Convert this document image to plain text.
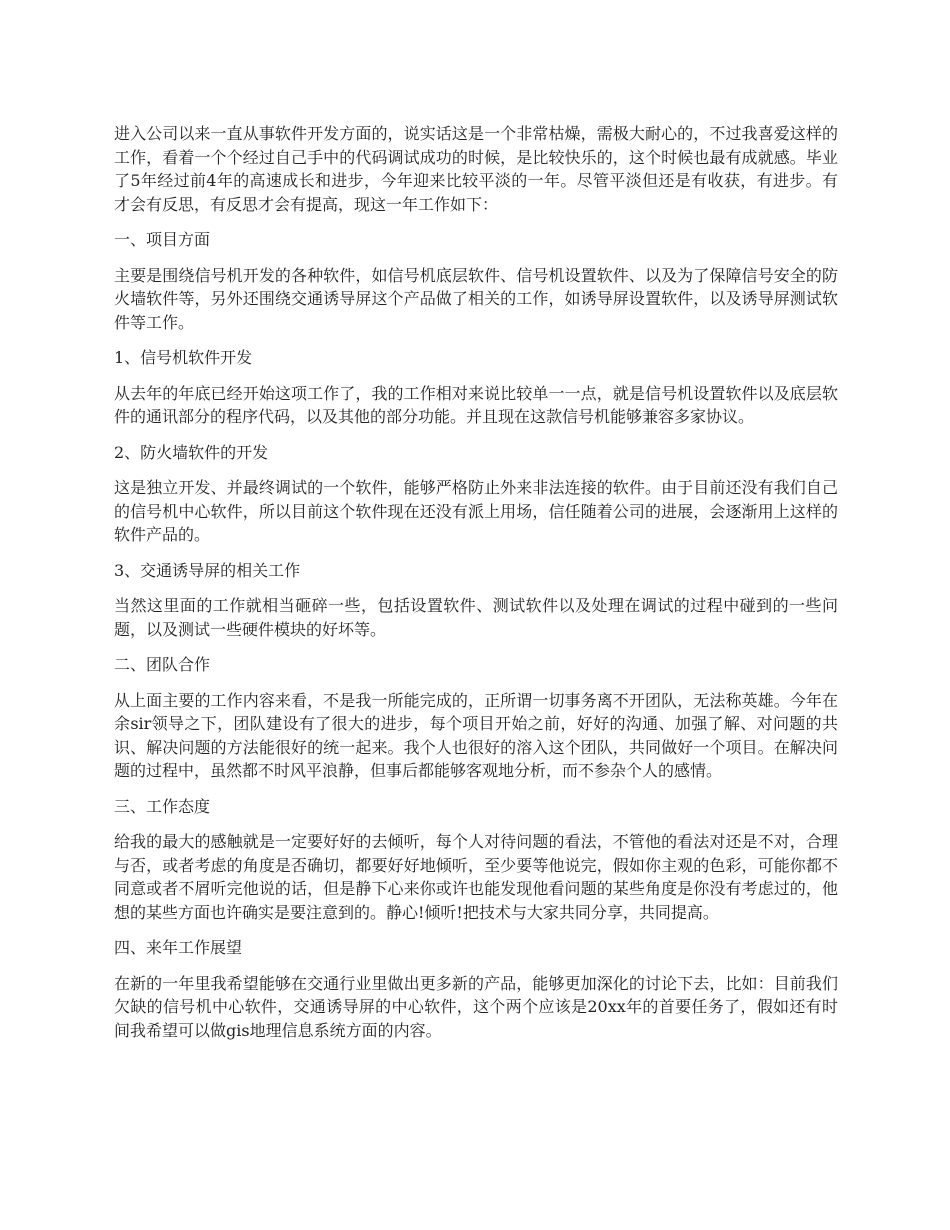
进入公司以来一直从事软件开发方面的，说实话这是一个非常枯燥，需极大耐心的，不过我喜爱这样的工作，看着一个个经过自己手中的代码调试成功的时候，是比较快乐的，这个时候也最有成就感。毕业了5年经过前4年的高速成长和进步，今年迎来比较平淡的一年。尽管平淡但还是有收获，有进步。有才会有反思，有反思才会有提高，现这一年工作如下：

一、项目方面

主要是围绕信号机开发的各种软件，如信号机底层软件、信号机设置软件、以及为了保障信号安全的防火墙软件等，另外还围绕交通诱导屏这个产品做了相关的工作，如诱导屏设置软件，以及诱导屏测试软件等工作。

1、信号机软件开发

从去年的年底已经开始这项工作了，我的工作相对来说比较单一一点，就是信号机设置软件以及底层软件的通讯部分的程序代码，以及其他的部分功能。并且现在这款信号机能够兼容多家协议。

2、防火墙软件的开发

这是独立开发、并最终调试的一个软件，能够严格防止外来非法连接的软件。由于目前还没有我们自己的信号机中心软件，所以目前这个软件现在还没有派上用场，信任随着公司的进展，会逐渐用上这样的软件产品的。

3、交通诱导屏的相关工作

当然这里面的工作就相当砸碎一些，包括设置软件、测试软件以及处理在调试的过程中碰到的一些问题，以及测试一些硬件模块的好坏等。

二、团队合作

从上面主要的工作内容来看，不是我一所能完成的，正所谓一切事务离不开团队，无法称英雄。今年在余sir领导之下，团队建设有了很大的进步，每个项目开始之前，好好的沟通、加强了解、对问题的共识、解决问题的方法能很好的统一起来。我个人也很好的溶入这个团队，共同做好一个项目。在解决问题的过程中，虽然都不时风平浪静，但事后都能够客观地分析，而不参杂个人的感情。

三、工作态度

给我的最大的感触就是一定要好好的去倾听，每个人对待问题的看法，不管他的看法对还是不对，合理与否，或者考虑的角度是否确切，都要好好地倾听，至少要等他说完，假如你主观的色彩，可能你都不同意或者不屑听完他说的话，但是静下心来你或许也能发现他看问题的某些角度是你没有考虑过的，他想的某些方面也许确实是要注意到的。静心!倾听!把技术与大家共同分享，共同提高。

四、来年工作展望

在新的一年里我希望能够在交通行业里做出更多新的产品，能够更加深化的讨论下去，比如：目前我们欠缺的信号机中心软件，交通诱导屏的中心软件，这个两个应该是20xx年的首要任务了，假如还有时间我希望可以做gis地理信息系统方面的内容。
